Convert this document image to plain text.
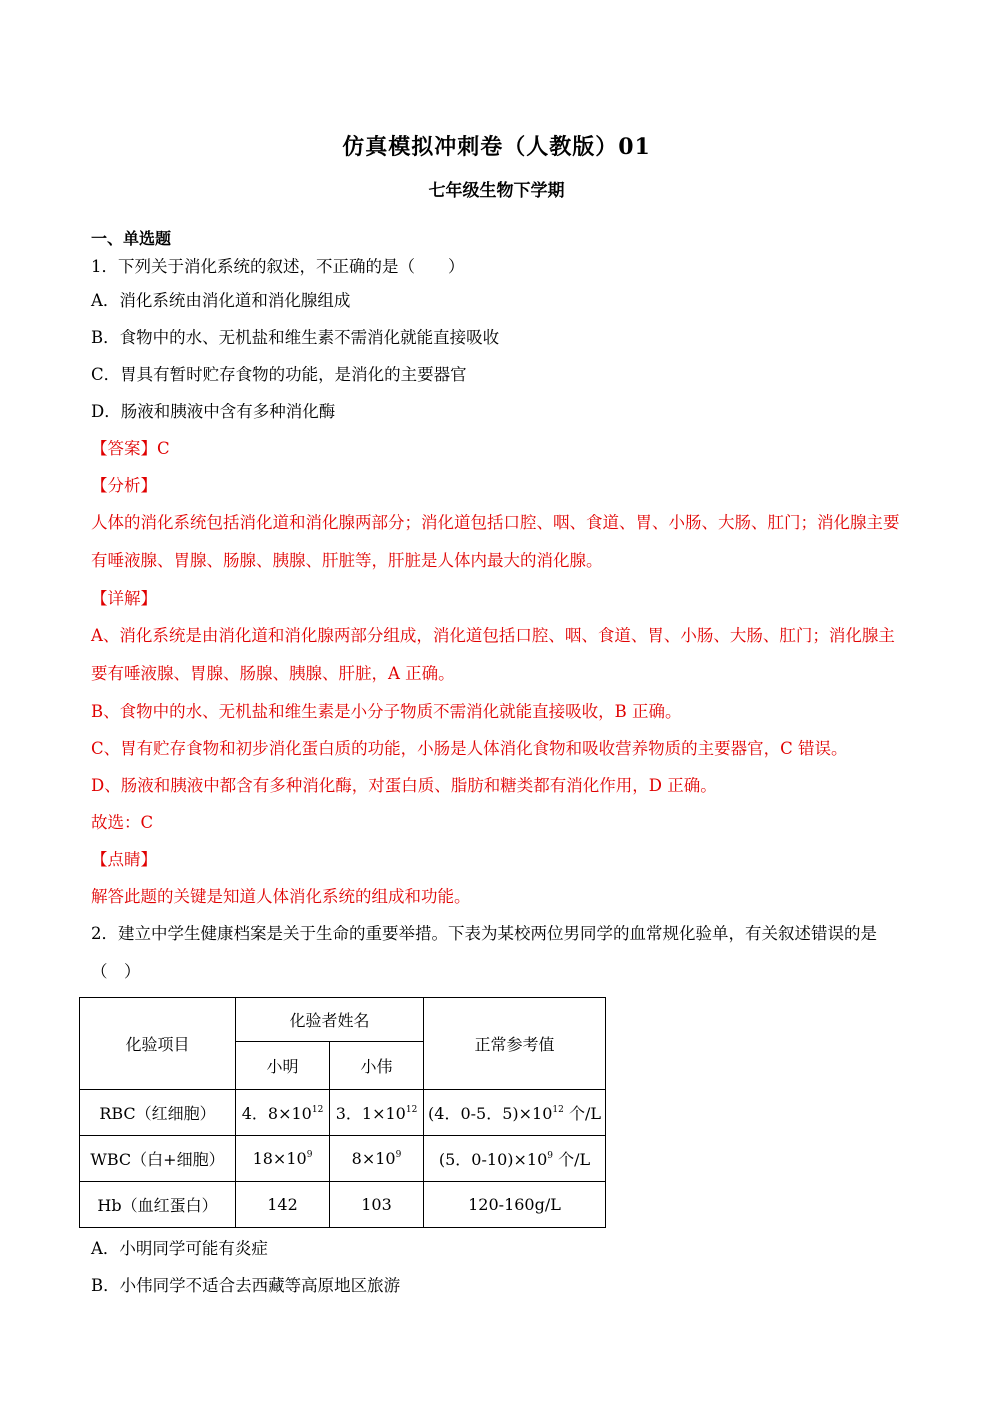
仿真模拟冲刺卷（人教版）01
七年级生物下学期
一、单选题
1．下列关于消化系统的叙述，不正确的是（　　）
A．消化系统由消化道和消化腺组成
B．食物中的水、无机盐和维生素不需消化就能直接吸收
C．胃具有暂时贮存食物的功能，是消化的主要器官
D．肠液和胰液中含有多种消化酶
【答案】C
【分析】
人体的消化系统包括消化道和消化腺两部分；消化道包括口腔、咽、食道、胃、小肠、大肠、肛门；消化腺主要有唾液腺、胃腺、肠腺、胰腺、肝脏等，肝脏是人体内最大的消化腺。
【详解】
A、消化系统是由消化道和消化腺两部分组成，消化道包括口腔、咽、食道、胃、小肠、大肠、肛门；消化腺主要有唾液腺、胃腺、肠腺、胰腺、肝脏，A 正确。
B、食物中的水、无机盐和维生素是小分子物质不需消化就能直接吸收，B 正确。
C、胃有贮存食物和初步消化蛋白质的功能，小肠是人体消化食物和吸收营养物质的主要器官，C 错误。
D、肠液和胰液中都含有多种消化酶，对蛋白质、脂肪和糖类都有消化作用，D 正确。
故选：C
【点睛】
解答此题的关键是知道人体消化系统的组成和功能。
2．建立中学生健康档案是关于生命的重要举措。下表为某校两位男同学的血常规化验单，有关叙述错误的是（　）
化验项目	化验者姓名		正常参考值
	小明	小伟	
RBC（红细胞）	4．$8\times 10^{12}$	3．$1\times 10^{12}$	(4．0-5．$5)\times 10^{12}$ 个/L
WBC（白+细胞）	$18\times 10^9$	$8\times 10^9$	(5．$0-10)\times 10^9$ 个/L
Hb（血红蛋白）	142	103	120-160g/L
A．小明同学可能有炎症
B．小伟同学不适合去西藏等高原地区旅游
